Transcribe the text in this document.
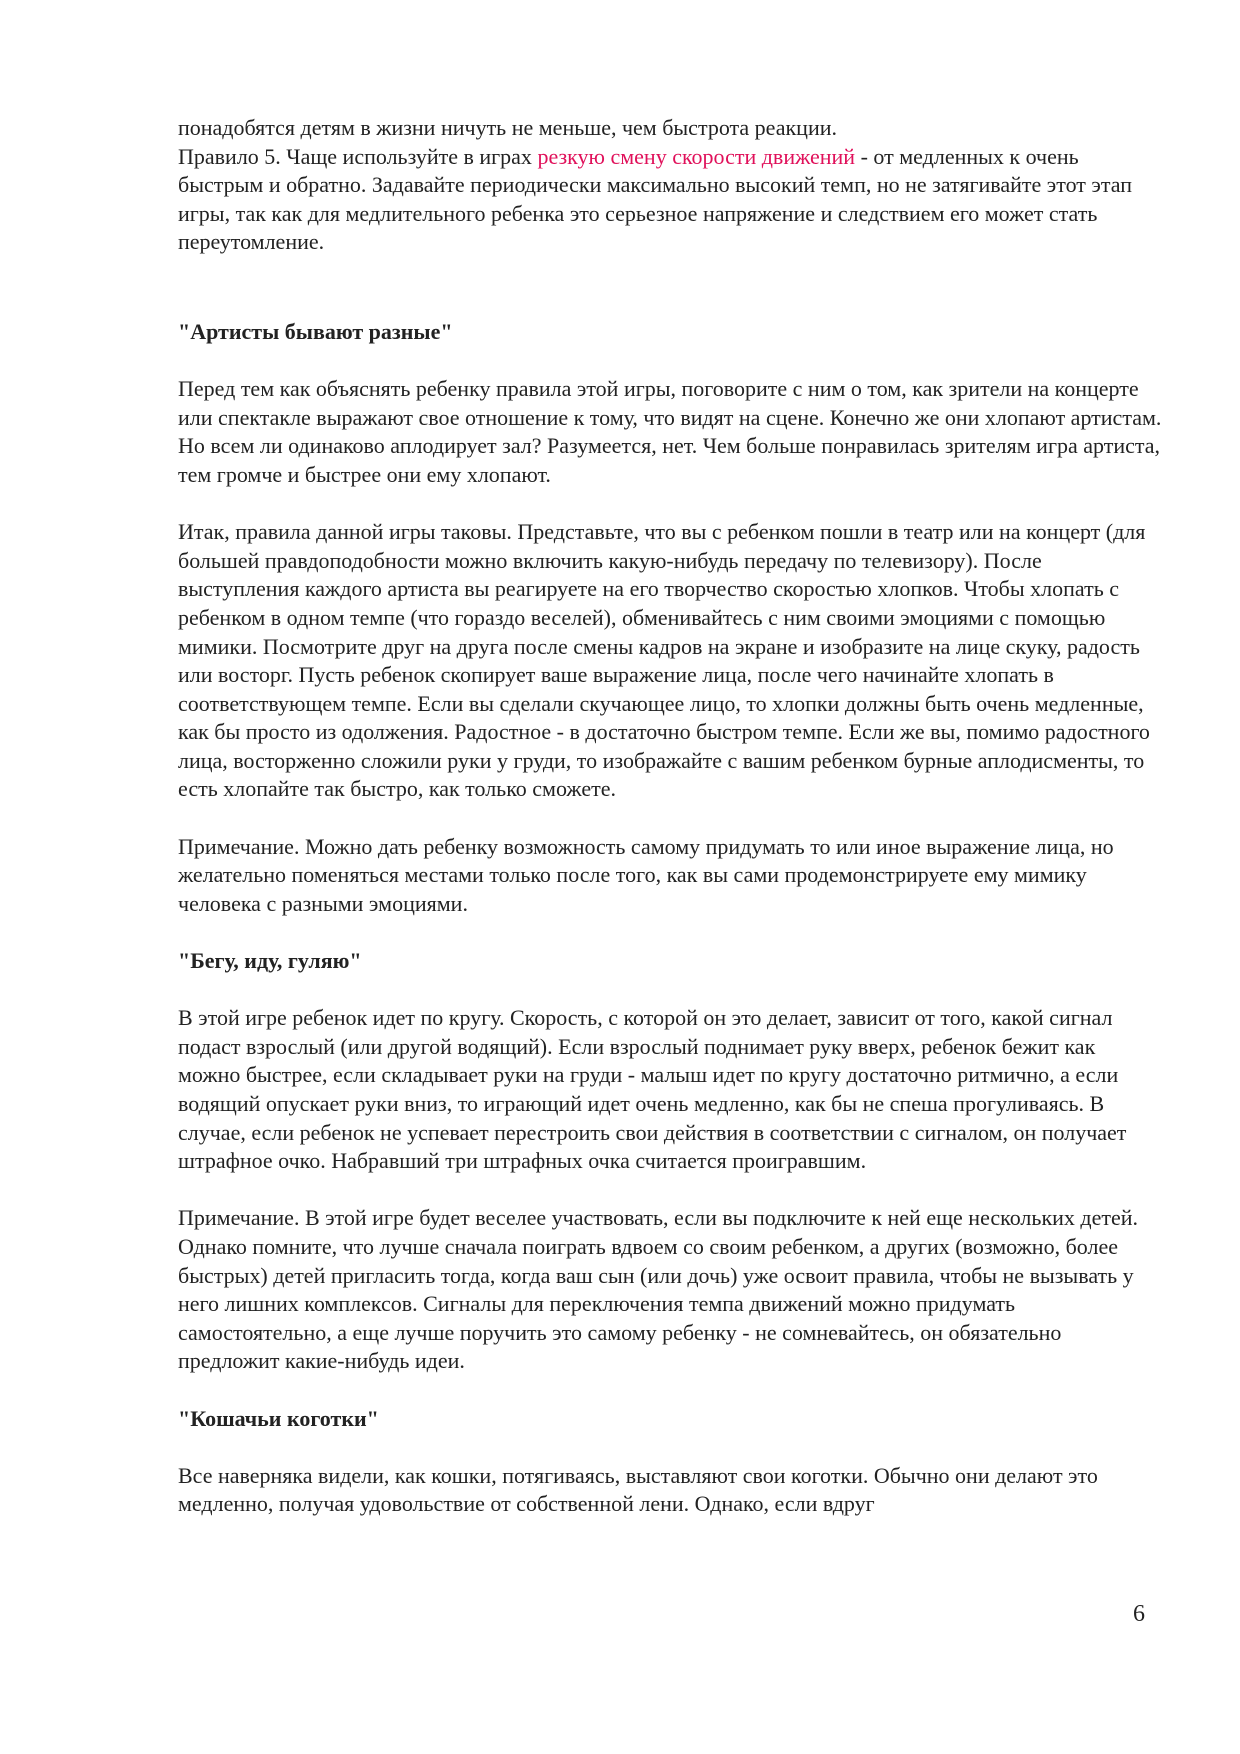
понадобятся детям в жизни ничуть не меньше, чем быстрота реакции.
Правило 5. Чаще используйте в играх резкую смену скорости движений - от медленных к очень быстрым и обратно. Задавайте периодически максимально высокий темп, но не затягивайте этот этап игры, так как для медлительного ребенка это серьезное напряжение и следствием его может стать переутомление.

"Артисты бывают разные"

Перед тем как объяснять ребенку правила этой игры, поговорите с ним о том, как зрители на концерте или спектакле выражают свое отношение к тому, что видят на сцене. Конечно же они хлопают артистам. Но всем ли одинаково аплодирует зал? Разумеется, нет. Чем больше понравилась зрителям игра артиста, тем громче и быстрее они ему хлопают.

Итак, правила данной игры таковы. Представьте, что вы с ребенком пошли в театр или на концерт (для большей правдоподобности можно включить какую-нибудь передачу по телевизору). После выступления каждого артиста вы реагируете на его творчество скоростью хлопков. Чтобы хлопать с ребенком в одном темпе (что гораздо веселей), обменивайтесь с ним своими эмоциями с помощью мимики. Посмотрите друг на друга после смены кадров на экране и изобразите на лице скуку, радость или восторг. Пусть ребенок скопирует ваше выражение лица, после чего начинайте хлопать в соответствующем темпе. Если вы сделали скучающее лицо, то хлопки должны быть очень медленные, как бы просто из одолжения. Радостное - в достаточно быстром темпе. Если же вы, помимо радостного лица, восторженно сложили руки у груди, то изображайте с вашим ребенком бурные аплодисменты, то есть хлопайте так быстро, как только сможете.

Примечание. Можно дать ребенку возможность самому придумать то или иное выражение лица, но желательно поменяться местами только после того, как вы сами продемонстрируете ему мимику человека с разными эмоциями.

"Бегу, иду, гуляю"

В этой игре ребенок идет по кругу. Скорость, с которой он это делает, зависит от того, какой сигнал подаст взрослый (или другой водящий). Если взрослый поднимает руку вверх, ребенок бежит как можно быстрее, если складывает руки на груди - малыш идет по кругу достаточно ритмично, а если водящий опускает руки вниз, то играющий идет очень медленно, как бы не спеша прогуливаясь. В случае, если ребенок не успевает перестроить свои действия в соответствии с сигналом, он получает штрафное очко. Набравший три штрафных очка считается проигравшим.

Примечание. В этой игре будет веселее участвовать, если вы подключите к ней еще нескольких детей. Однако помните, что лучше сначала поиграть вдвоем со своим ребенком, а других (возможно, более быстрых) детей пригласить тогда, когда ваш сын (или дочь) уже освоит правила, чтобы не вызывать у него лишних комплексов. Сигналы для переключения темпа движений можно придумать самостоятельно, а еще лучше поручить это самому ребенку - не сомневайтесь, он обязательно предложит какие-нибудь идеи.

"Кошачьи коготки"

Все наверняка видели, как кошки, потягиваясь, выставляют свои коготки. Обычно они делают это медленно, получая удовольствие от собственной лени. Однако, если вдруг

6
